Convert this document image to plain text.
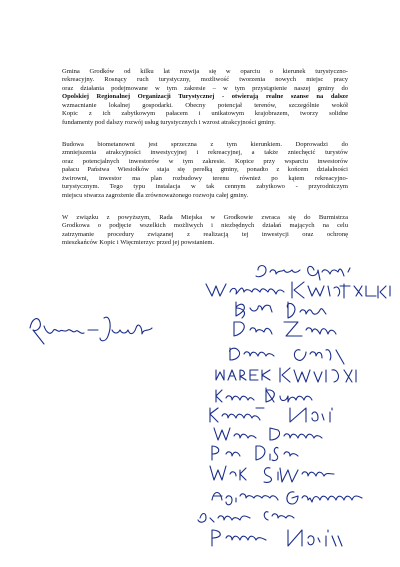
Gmina Grodków od kilku lat rozwija się w oparciu o kierunek turystyczno-
rekreacyjny. Rosnący ruch turystyczny, możliwość tworzenia nowych miejsc pracy
oraz działania podejmowane w tym zakresie – w tym przystąpienie naszej gminy do
Opolskiej Regionalnej Organizacji Turystycznej - otwierają realne szanse na dalsze
wzmacnianie lokalnej gospodarki. Obecny potencjał terenów, szczególnie wokół
Kopic z ich zabytkowym pałacem i unikatowym krajobrazem, tworzy solidne
fundamenty pod dalszy rozwój usług turystycznych i wzrost atrakcyjności gminy.

Budowa biometanowni jest sprzeczna z tym kierunkiem. Doprowadzi do
zmniejszenia atrakcyjności inwestycyjnej i rekreacyjnej, a także zniechęcić turystów
oraz potencjalnych inwestorów w tym zakresie. Kopice przy wsparciu inwestorów
pałacu Państwa Wiesiołków staja się perełką gminy, ponadto z końcem działalności
żwirowni, inwestor ma plan rozbudowy terenu również po kątem rekreacyjno-
turystycznym. Tego typu instalacja w tak cennym zabytkowo - przyrodniczym
miejscu stwarza zagrożenie dla zrównoważonego rozwoju całej gminy.

W związku z powyższym, Rada Miejska w Grodkowie zwraca się do Burmistrza
Grodkowa o podjęcie wszelkich możliwych i niezbędnych działań mających na celu
zatrzymanie procedury związanej z realizacją tej inwestycji oraz ochronę
mieszkańców Kopic i Więcmierzyc przed jej powstaniem.
